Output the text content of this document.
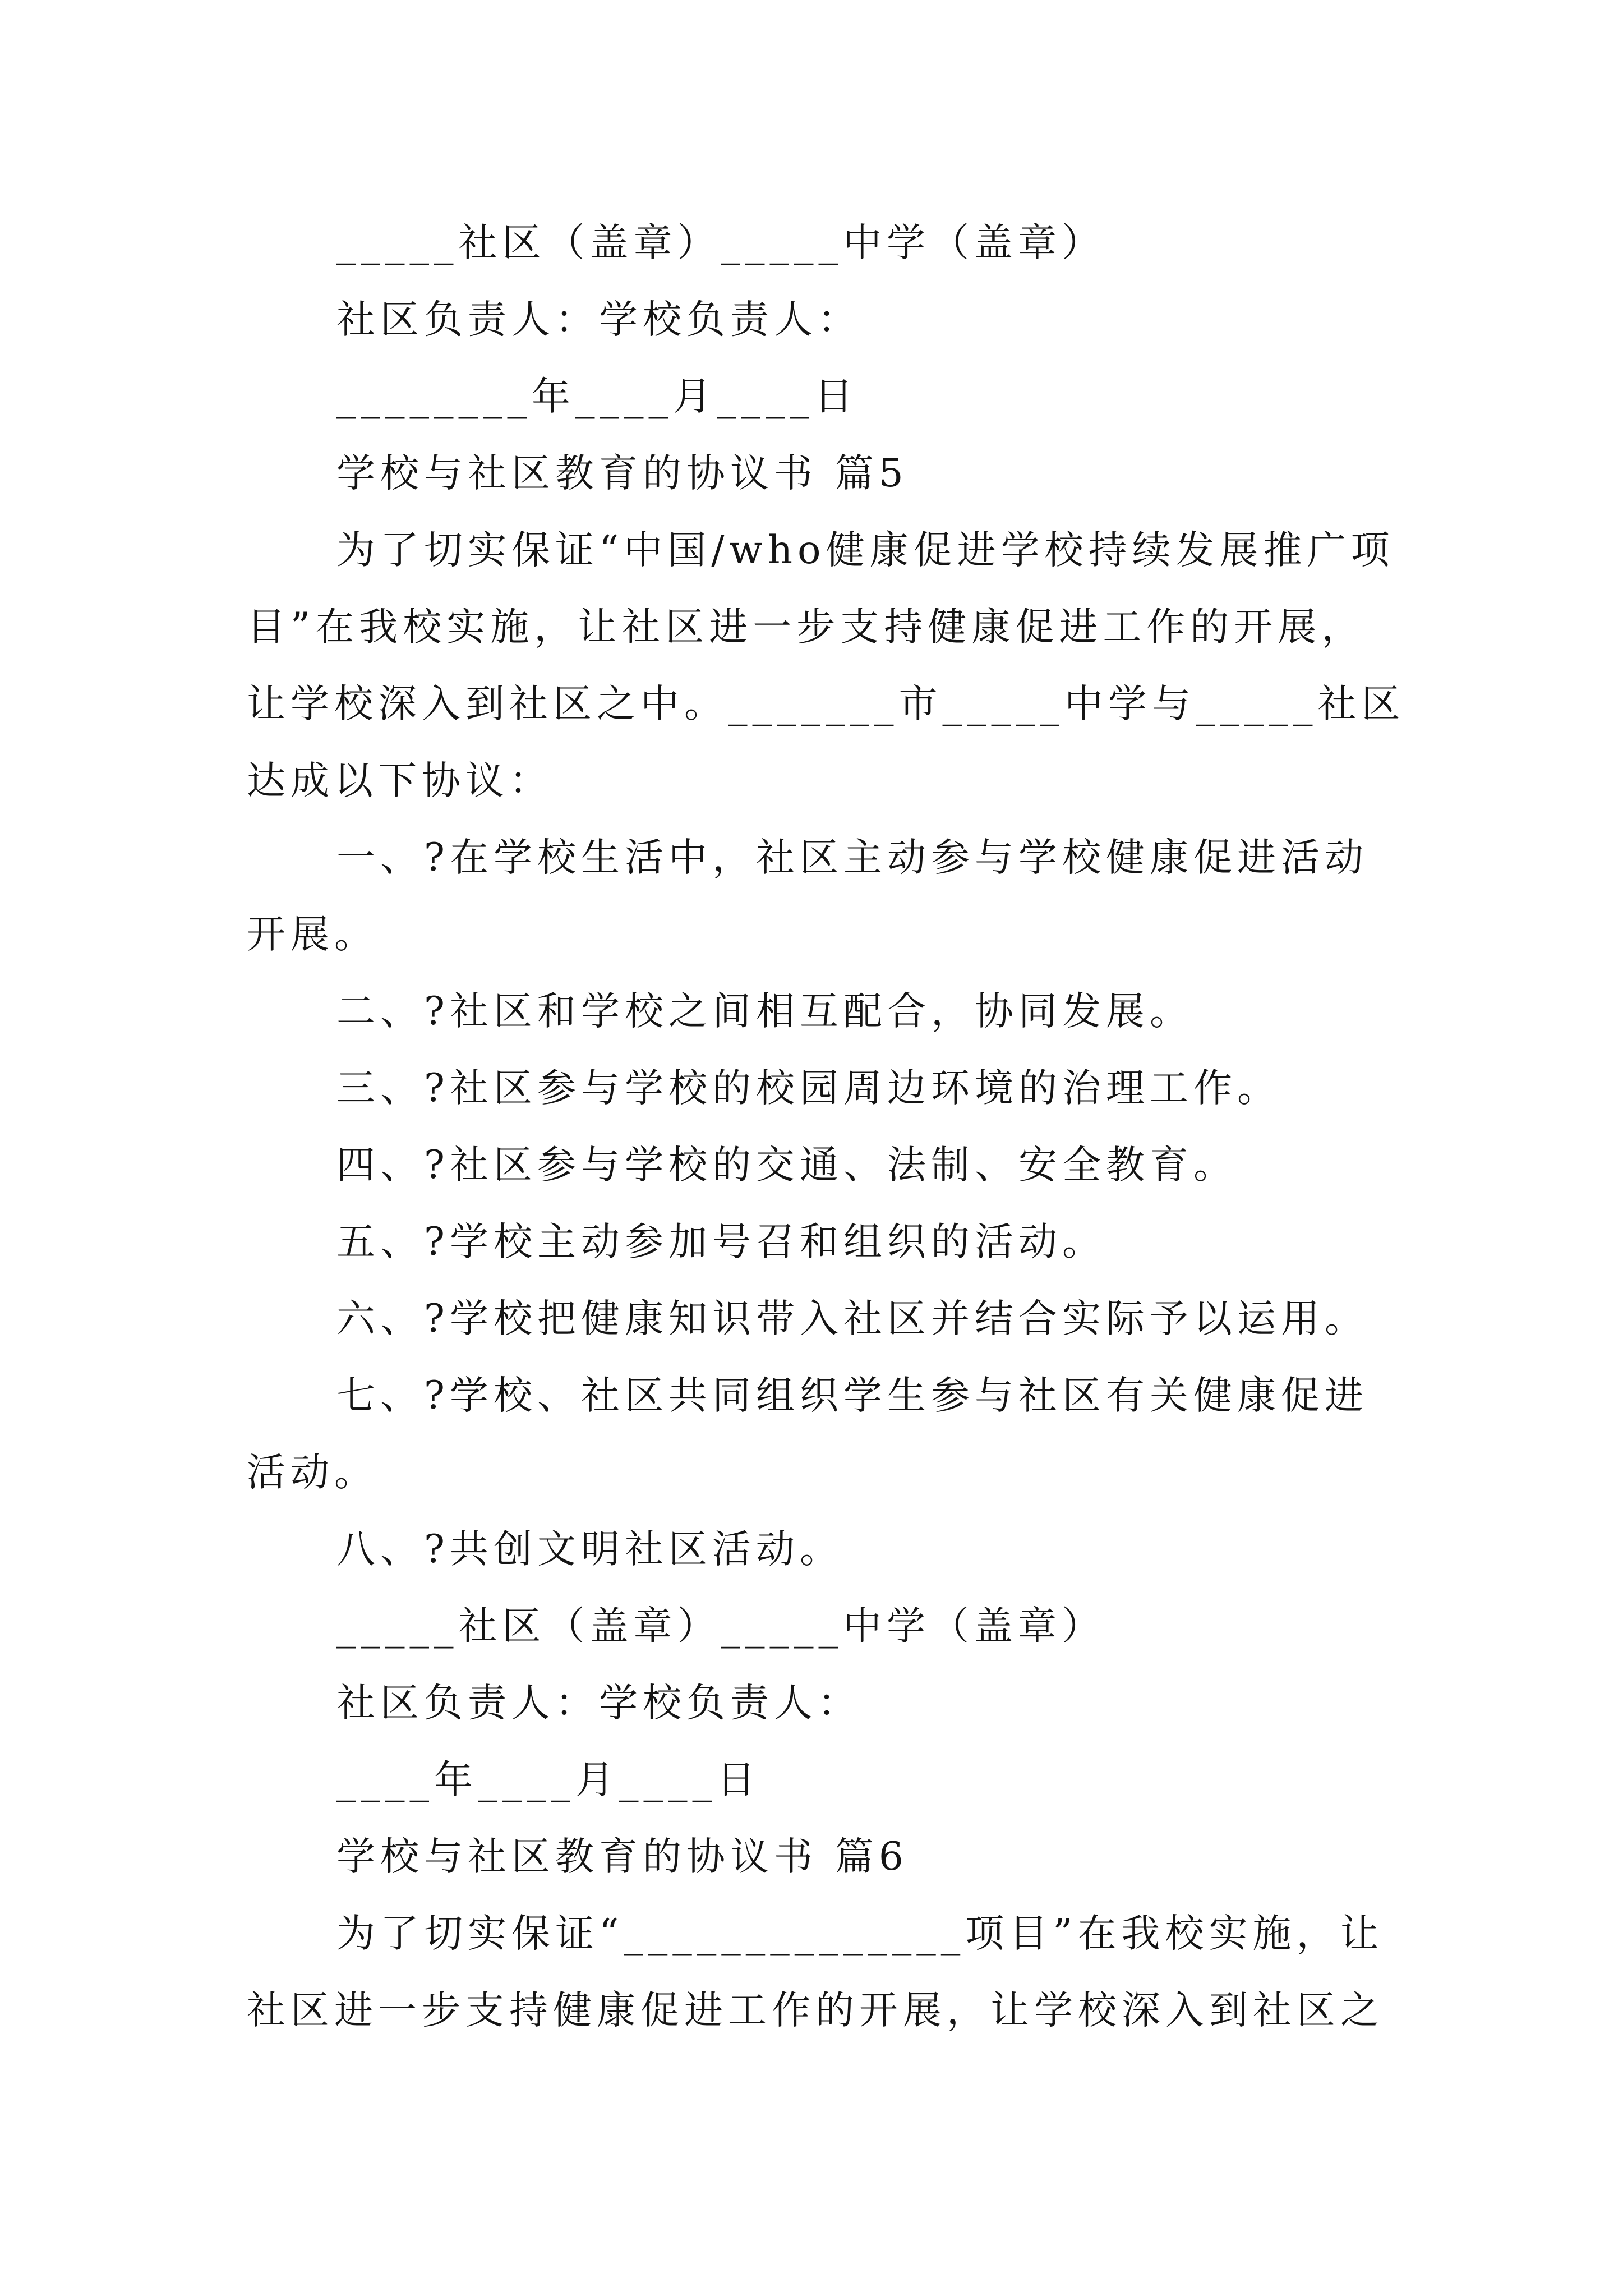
_____社区（盖章）_____中学（盖章）
社区负责人：学校负责人：
________年____月____日
学校与社区教育的协议书 篇5
为了切实保证“中国/who健康促进学校持续发展推广项
目”在我校实施，让社区进一步支持健康促进工作的开展，
让学校深入到社区之中。_______市_____中学与_____社区
达成以下协议：
一、?在学校生活中，社区主动参与学校健康促进活动
开展。
二、?社区和学校之间相互配合，协同发展。
三、?社区参与学校的校园周边环境的治理工作。
四、?社区参与学校的交通、法制、安全教育。
五、?学校主动参加号召和组织的活动。
六、?学校把健康知识带入社区并结合实际予以运用。
七、?学校、社区共同组织学生参与社区有关健康促进
活动。
八、?共创文明社区活动。
_____社区（盖章）_____中学（盖章）
社区负责人：学校负责人：
____年____月____日
学校与社区教育的协议书 篇6
为了切实保证“______________项目”在我校实施，让
社区进一步支持健康促进工作的开展，让学校深入到社区之
